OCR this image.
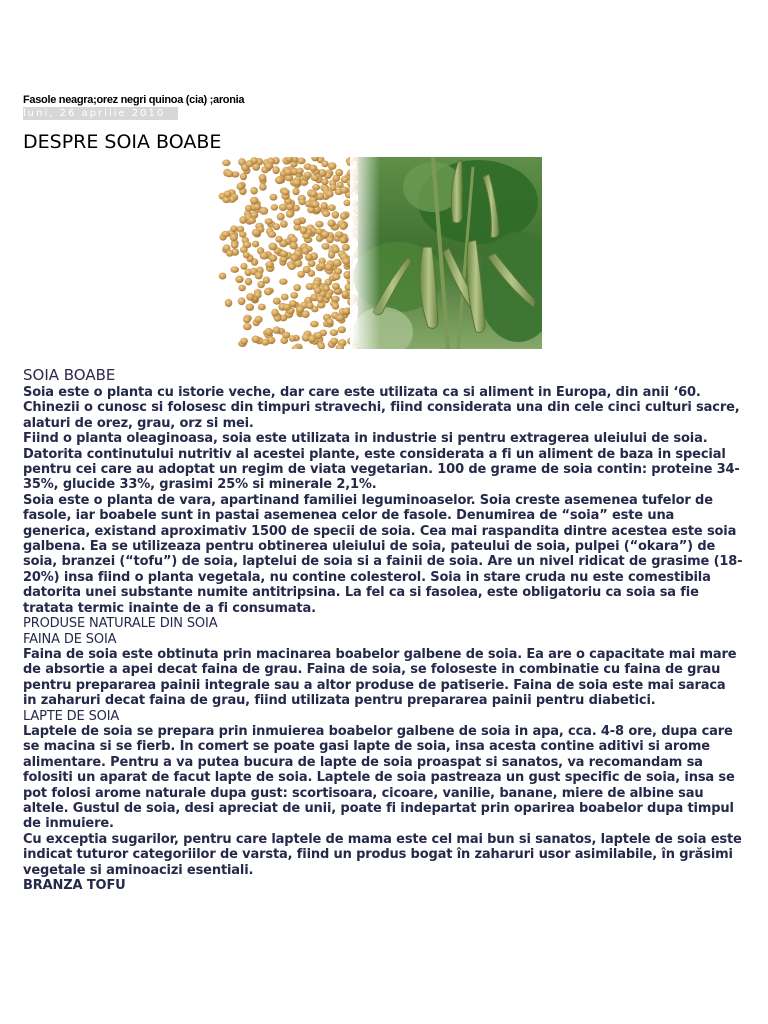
Fasole neagra;orez negri quinoa (cia) ;aronia
luni, 26 aprilie 2010
DESPRE SOIA BOABE
SOIA BOABE

Soia este o planta cu istorie veche, dar care este utilizata ca si aliment in Europa, din anii ‘60. Chinezii o cunosc si folosesc din timpuri stravechi, fiind considerata una din cele cinci culturi sacre, alaturi de orez, grau, orz si mei.

Fiind o planta oleaginoasa, soia este utilizata in industrie si pentru extragerea uleiului de soia. Datorita continutului nutritiv al acestei plante, este considerata a fi un aliment de baza in special pentru cei care au adoptat un regim de viata vegetarian. 100 de grame de soia contin: proteine 34-35%, glucide 33%, grasimi 25% si minerale 2,1%.

Soia este o planta de vara, apartinand familiei leguminoaselor. Soia creste asemenea tufelor de fasole, iar boabele sunt in pastai asemenea celor de fasole. Denumirea de “soia” este una generica, existand aproximativ 1500 de specii de soia. Cea mai raspandita dintre acestea este soia galbena. Ea se utilizeaza pentru obtinerea uleiului de soia, pateului de soia, pulpei (“okara”) de soia, branzei (“tofu”) de soia, laptelui de soia si a fainii de soia. Are un nivel ridicat de grasime (18-20%) insa fiind o planta vegetala, nu contine colesterol. Soia in stare cruda nu este comestibila datorita unei substante numite antitripsina. La fel ca si fasolea, este obligatoriu ca soia sa fie tratata termic inainte de a fi consumata.

PRODUSE NATURALE DIN SOIA

FAINA DE SOIA

Faina de soia este obtinuta prin macinarea boabelor galbene de soia. Ea are o capacitate mai mare de absortie a apei decat faina de grau. Faina de soia, se foloseste in combinatie cu faina de grau pentru prepararea painii integrale sau a altor produse de patiserie. Faina de soia este mai saraca in zaharuri decat faina de grau, fiind utilizata pentru prepararea painii pentru diabetici.

LAPTE DE SOIA

Laptele de soia se prepara prin inmuierea boabelor galbene de soia in apa, cca. 4-8 ore, dupa care se macina si se fierb. In comert se poate gasi lapte de soia, insa acesta contine aditivi si arome alimentare. Pentru a va putea bucura de lapte de soia proaspat si sanatos, va recomandam sa folositi un aparat de facut lapte de soia. Laptele de soia pastreaza un gust specific de soia, insa se pot folosi arome naturale dupa gust: scortisoara, cicoare, vanilie, banane, miere de albine sau altele. Gustul de soia, desi apreciat de unii, poate fi indepartat prin oparirea boabelor dupa timpul de inmuiere.

Cu exceptia sugarilor, pentru care laptele de mama este cel mai bun si sanatos, laptele de soia este indicat tuturor categoriilor de varsta, fiind un produs bogat în zaharuri usor asimilabile, în grăsimi vegetale si aminoacizi esentiali.

BRANZA TOFU
